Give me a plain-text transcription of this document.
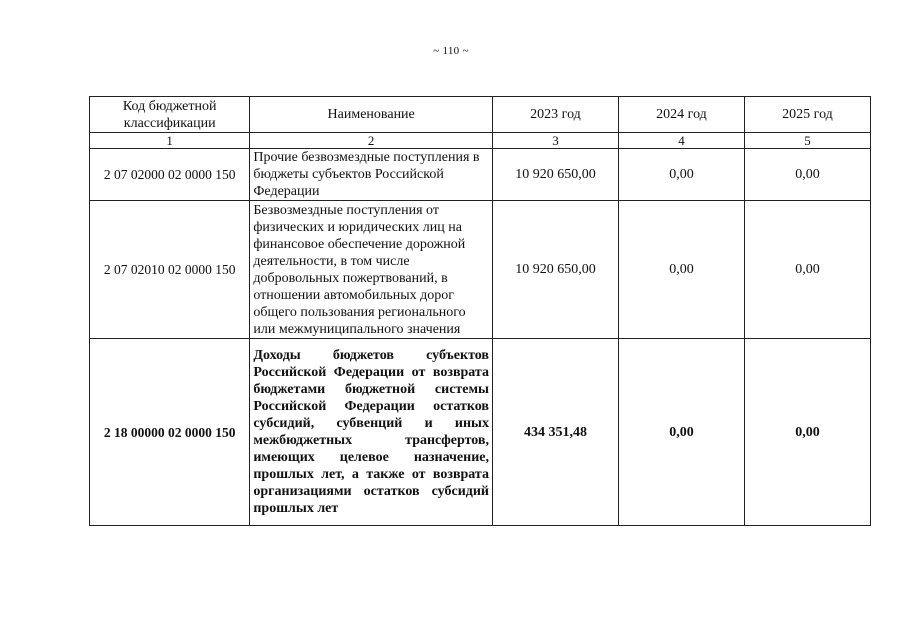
~ 110 ~
Код бюджетной классификации	Наименование	2023 год	2024 год	2025 год
1	2	3	4	5
2 07 02000 02 0000 150	Прочие безвозмездные поступления в бюджеты субъектов Российской Федерации	10 920 650,00	0,00	0,00
2 07 02010 02 0000 150	Безвозмездные поступления от физических и юридических лиц на финансовое обеспечение дорожной деятельности, в том числе добровольных пожертвований, в отношении автомобильных дорог общего пользования регионального или межмуниципального значения	10 920 650,00	0,00	0,00
2 18 00000 02 0000 150	Доходы бюджетов субъектов Российской Федерации от возврата бюджетами бюджетной системы Российской Федерации остатков субсидий, субвенций и иных межбюджетных трансфертов, имеющих целевое назначение, прошлых лет, а также от возврата организациями остатков субсидий прошлых лет	434 351,48	0,00	0,00
